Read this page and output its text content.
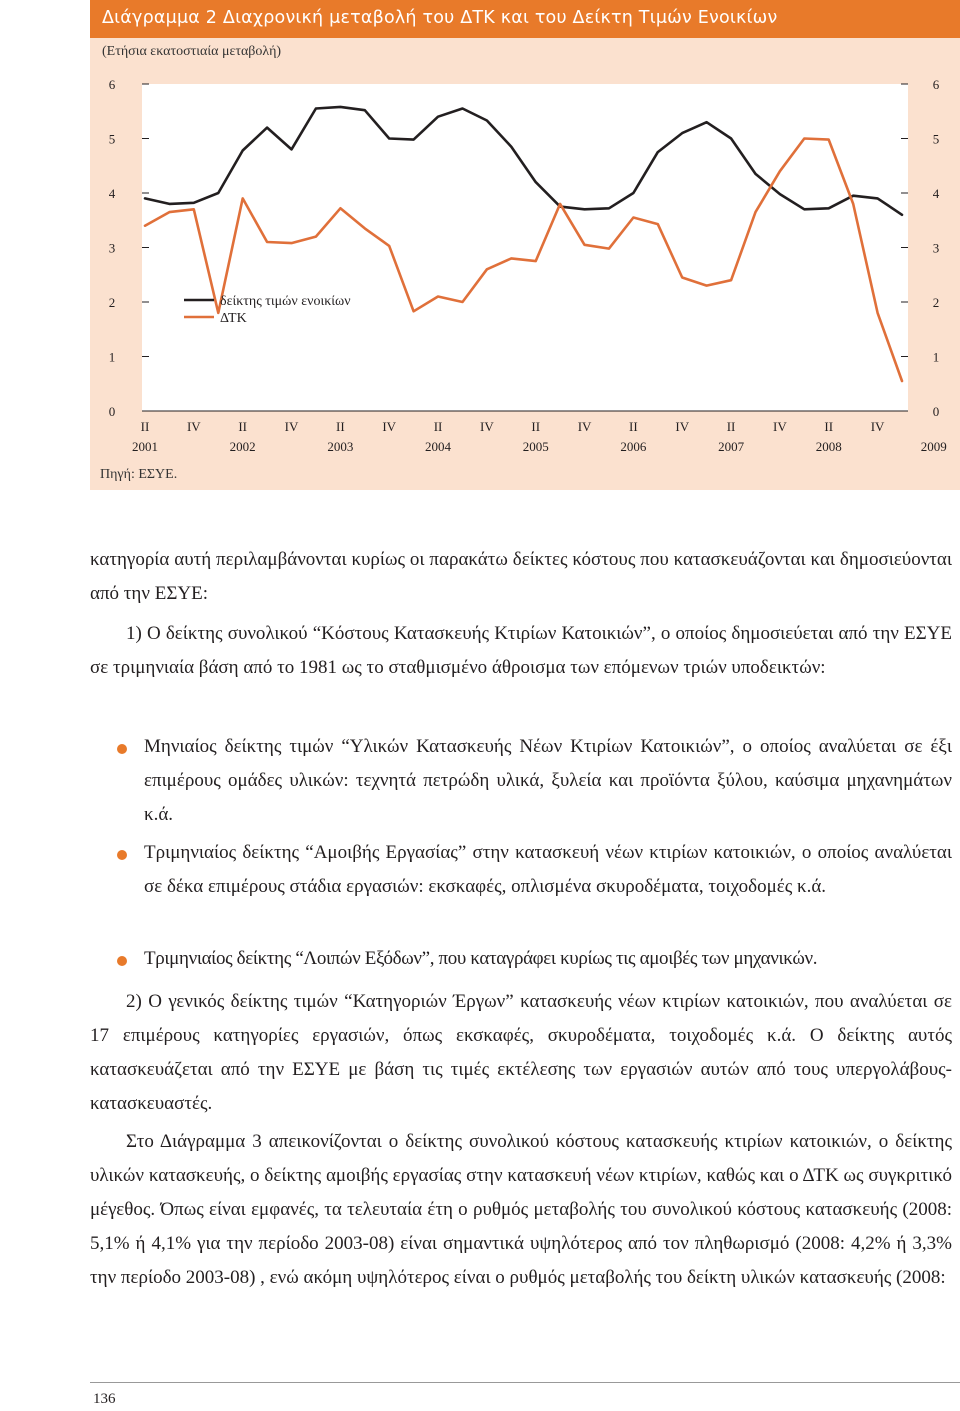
Διάγραμμα 2 Διαχρονική μεταβολή του ΔΤΚ και του Δείκτη Τιμών Ενοικίων
(Ετήσια εκατοστιαία μεταβολή)
0	0
1	1
2	2
3	3
4	4
5	5
6	6
II	IV	II	IV	II	IV	II	IV	II	IV	II	IV	II	IV	II	IV
2001	2002	2003	2004	2005	2006	2007	2008	2009
δείκτης τιμών ενοικίων
ΔΤΚ
Πηγή: ΕΣΥΕ.
κατηγορία αυτή περιλαμβάνονται κυρίως οι παρακάτω δείκτες κόστους που κατασκευάζονται και δημοσιεύονται από την ΕΣΥΕ:
1) Ο δείκτης συνολικού “Κόστους Κατασκευής Κτιρίων Κατοικιών”, ο οποίος δημοσιεύεται από την ΕΣΥΕ σε τριμηνιαία βάση από το 1981 ως το σταθμισμένο άθροισμα των επόμενων τριών υποδεικτών:
Μηνιαίος δείκτης τιμών “Υλικών Κατασκευής Νέων Κτιρίων Κατοικιών”, ο οποίος αναλύεται σε έξι επιμέρους ομάδες υλικών: τεχνητά πετρώδη υλικά, ξυλεία και προϊόντα ξύλου, καύσιμα μηχανημάτων κ.ά.
Τριμηνιαίος δείκτης “Αμοιβής Εργασίας” στην κατασκευή νέων κτιρίων κατοικιών, ο οποίος αναλύεται σε δέκα επιμέρους στάδια εργασιών: εκσκαφές, οπλισμένα σκυροδέματα, τοιχοδομές κ.ά.
Τριμηνιαίος δείκτης “Λοιπών Εξόδων”, που καταγράφει κυρίως τις αμοιβές των μηχανικών.
2) Ο γενικός δείκτης τιμών “Κατηγοριών Έργων” κατασκευής νέων κτιρίων κατοικιών, που αναλύεται σε 17 επιμέρους κατηγορίες εργασιών, όπως εκσκαφές, σκυροδέματα, τοιχοδομές κ.ά. Ο δείκτης αυτός κατασκευάζεται από την ΕΣΥΕ με βάση τις τιμές εκτέλεσης των εργασιών αυτών από τους υπεργολάβους-κατασκευαστές.
Στο Διάγραμμα 3 απεικονίζονται ο δείκτης συνολικού κόστους κατασκευής κτιρίων κατοικιών, ο δείκτης υλικών κατασκευής, ο δείκτης αμοιβής εργασίας στην κατασκευή νέων κτιρίων, καθώς και ο ΔΤΚ ως συγκριτικό μέγεθος. Όπως είναι εμφανές, τα τελευταία έτη ο ρυθμός μεταβολής του συνολικού κόστους κατασκευής (2008: 5,1% ή 4,1% για την περίοδο 2003-08) είναι σημαντικά υψηλότερος από τον πληθωρισμό (2008: 4,2% ή 3,3% την περίοδο 2003-08) , ενώ ακόμη υψηλότερος είναι ο ρυθμός μεταβολής του δείκτη υλικών κατασκευής (2008:
136
